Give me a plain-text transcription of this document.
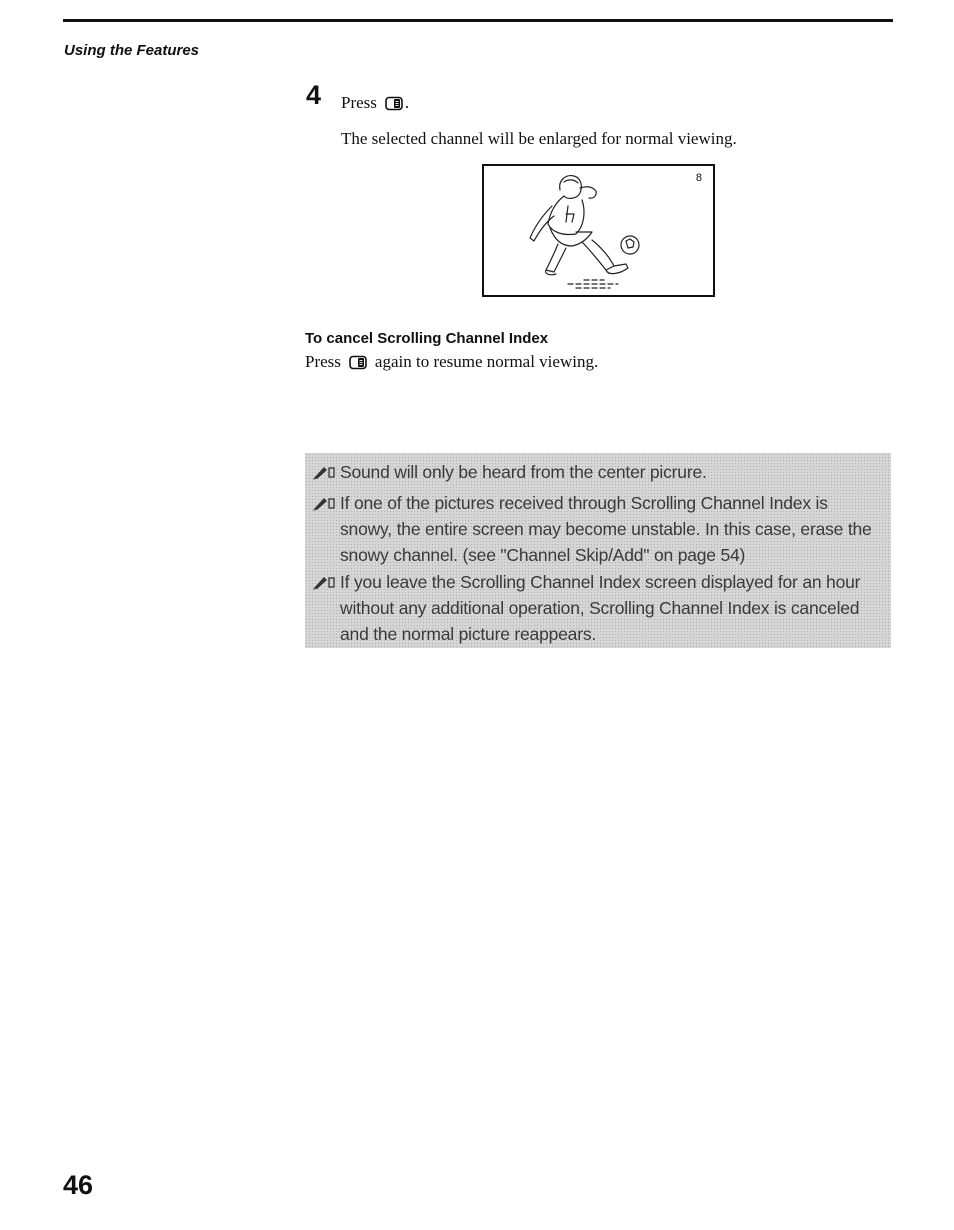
Using the Features
4 Press .
The selected channel will be enlarged for normal viewing.
8
To cancel Scrolling Channel Index
Press again to resume normal viewing.
Sound will only be heard from the center picrure.
If one of the pictures received through Scrolling Channel Index is snowy, the entire screen may become unstable. In this case, erase the snowy channel. (see "Channel Skip/Add" on page 54)
If you leave the Scrolling Channel Index screen displayed for an hour without any additional operation, Scrolling Channel Index is canceled and the normal picture reappears.
46
